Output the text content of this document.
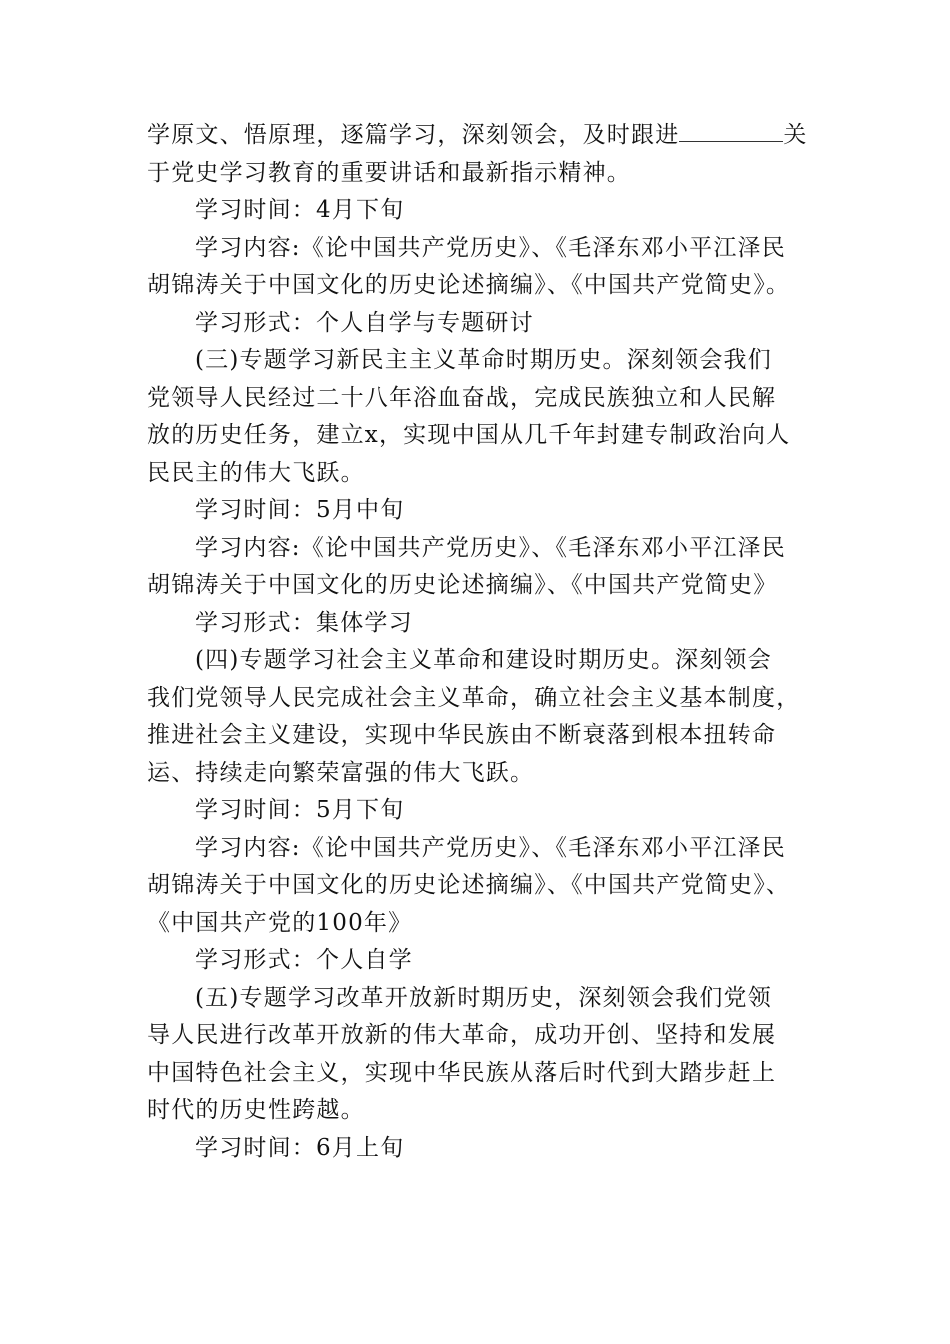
学原文、悟原理，逐篇学习，深刻领会，及时跟进	关
于党史学习教育的重要讲话和最新指示精神。
学习时间：4月下旬
学习内容:《论中国共产党历史》、《毛泽东邓小平江泽民
胡锦涛关于中国文化的历史论述摘编》、《中国共产党简史》。
学习形式：个人自学与专题研讨
(三)专题学习新民主主义革命时期历史。深刻领会我们
党领导人民经过二十八年浴血奋战，完成民族独立和人民解
放的历史任务，建立x，实现中国从几千年封建专制政治向人
民民主的伟大飞跃。
学习时间：5月中旬
学习内容:《论中国共产党历史》、《毛泽东邓小平江泽民
胡锦涛关于中国文化的历史论述摘编》、《中国共产党简史》
学习形式：集体学习
(四)专题学习社会主义革命和建设时期历史。深刻领会
我们党领导人民完成社会主义革命，确立社会主义基本制度，
推进社会主义建设，实现中华民族由不断衰落到根本扭转命
运、持续走向繁荣富强的伟大飞跃。
学习时间：5月下旬
学习内容:《论中国共产党历史》、《毛泽东邓小平江泽民
胡锦涛关于中国文化的历史论述摘编》、《中国共产党简史》、
《中国共产党的100年》
学习形式：个人自学
(五)专题学习改革开放新时期历史，深刻领会我们党领
导人民进行改革开放新的伟大革命，成功开创、坚持和发展
中国特色社会主义，实现中华民族从落后时代到大踏步赶上
时代的历史性跨越。
学习时间：6月上旬
